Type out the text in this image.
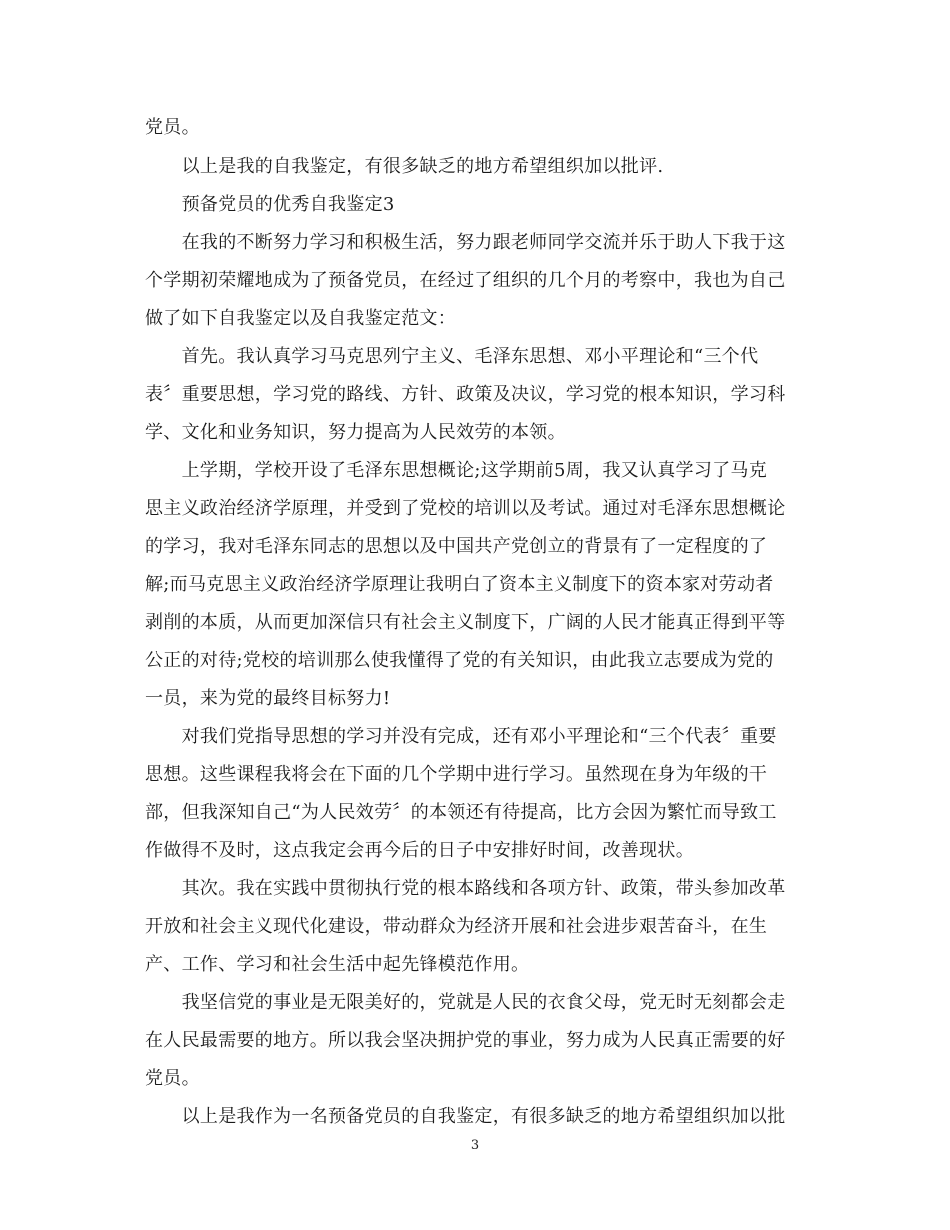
党员。
　　以上是我的自我鉴定，有很多缺乏的地方希望组织加以批评.
　　预备党员的优秀自我鉴定3
　　在我的不断努力学习和积极生活，努力跟老师同学交流并乐于助人下我于这
个学期初荣耀地成为了预备党员，在经过了组织的几个月的考察中，我也为自己
做了如下自我鉴定以及自我鉴定范文：
　　首先。我认真学习马克思列宁主义、毛泽东思想、邓小平理论和“三个代
表〞重要思想，学习党的路线、方针、政策及决议，学习党的根本知识，学习科
学、文化和业务知识，努力提高为人民效劳的本领。
　　上学期，学校开设了毛泽东思想概论;这学期前5周，我又认真学习了马克
思主义政治经济学原理，并受到了党校的培训以及考试。通过对毛泽东思想概论
的学习，我对毛泽东同志的思想以及中国共产党创立的背景有了一定程度的了
解;而马克思主义政治经济学原理让我明白了资本主义制度下的资本家对劳动者
剥削的本质，从而更加深信只有社会主义制度下，广阔的人民才能真正得到平等
公正的对待;党校的培训那么使我懂得了党的有关知识，由此我立志要成为党的
一员，来为党的最终目标努力!
　　对我们党指导思想的学习并没有完成，还有邓小平理论和“三个代表〞重要
思想。这些课程我将会在下面的几个学期中进行学习。虽然现在身为年级的干
部，但我深知自己“为人民效劳〞的本领还有待提高，比方会因为繁忙而导致工
作做得不及时，这点我定会再今后的日子中安排好时间，改善现状。
　　其次。我在实践中贯彻执行党的根本路线和各项方针、政策，带头参加改革
开放和社会主义现代化建设，带动群众为经济开展和社会进步艰苦奋斗，在生
产、工作、学习和社会生活中起先锋模范作用。
　　我坚信党的事业是无限美好的，党就是人民的衣食父母，党无时无刻都会走
在人民最需要的地方。所以我会坚决拥护党的事业，努力成为人民真正需要的好
党员。
　　以上是我作为一名预备党员的自我鉴定，有很多缺乏的地方希望组织加以批
3
